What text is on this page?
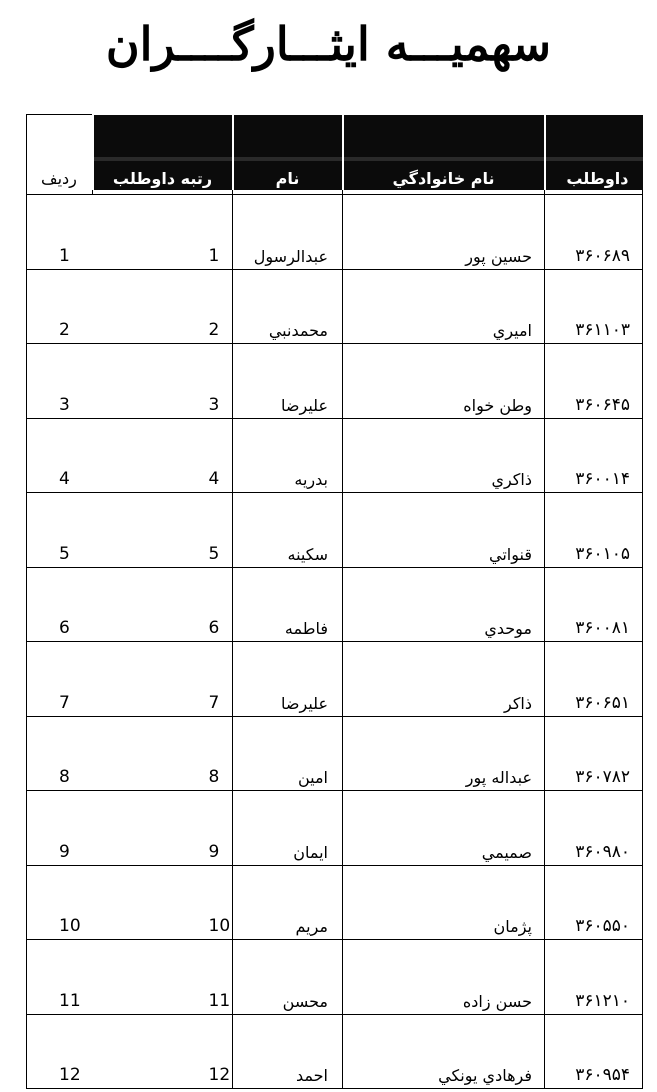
سهميـــه ايثـــارگــــران
رديف	رتبه داوطلب	نام	نام خانوادگي	داوطلب

1	1	عبدالرسول	حسين پور	۳۶۰۶۸۹
2	2	محمدنبي	اميري	۳۶۱۱۰۳
3	3	عليرضا	وطن خواه	۳۶۰۶۴۵
4	4	بدريه	ذاكري	۳۶۰۰۱۴
5	5	سكينه	قنواتي	۳۶۰۱۰۵
6	6	فاطمه	موحدي	۳۶۰۰۸۱
7	7	عليرضا	ذاكر	۳۶۰۶۵۱
8	8	امين	عبداله پور	۳۶۰۷۸۲
9	9	ايمان	صميمي	۳۶۰۹۸۰
10	10	مريم	پژمان	۳۶۰۵۵۰
11	11	محسن	حسن زاده	۳۶۱۲۱۰
12	12	احمد	فرهادي يونكي	۳۶۰۹۵۴
